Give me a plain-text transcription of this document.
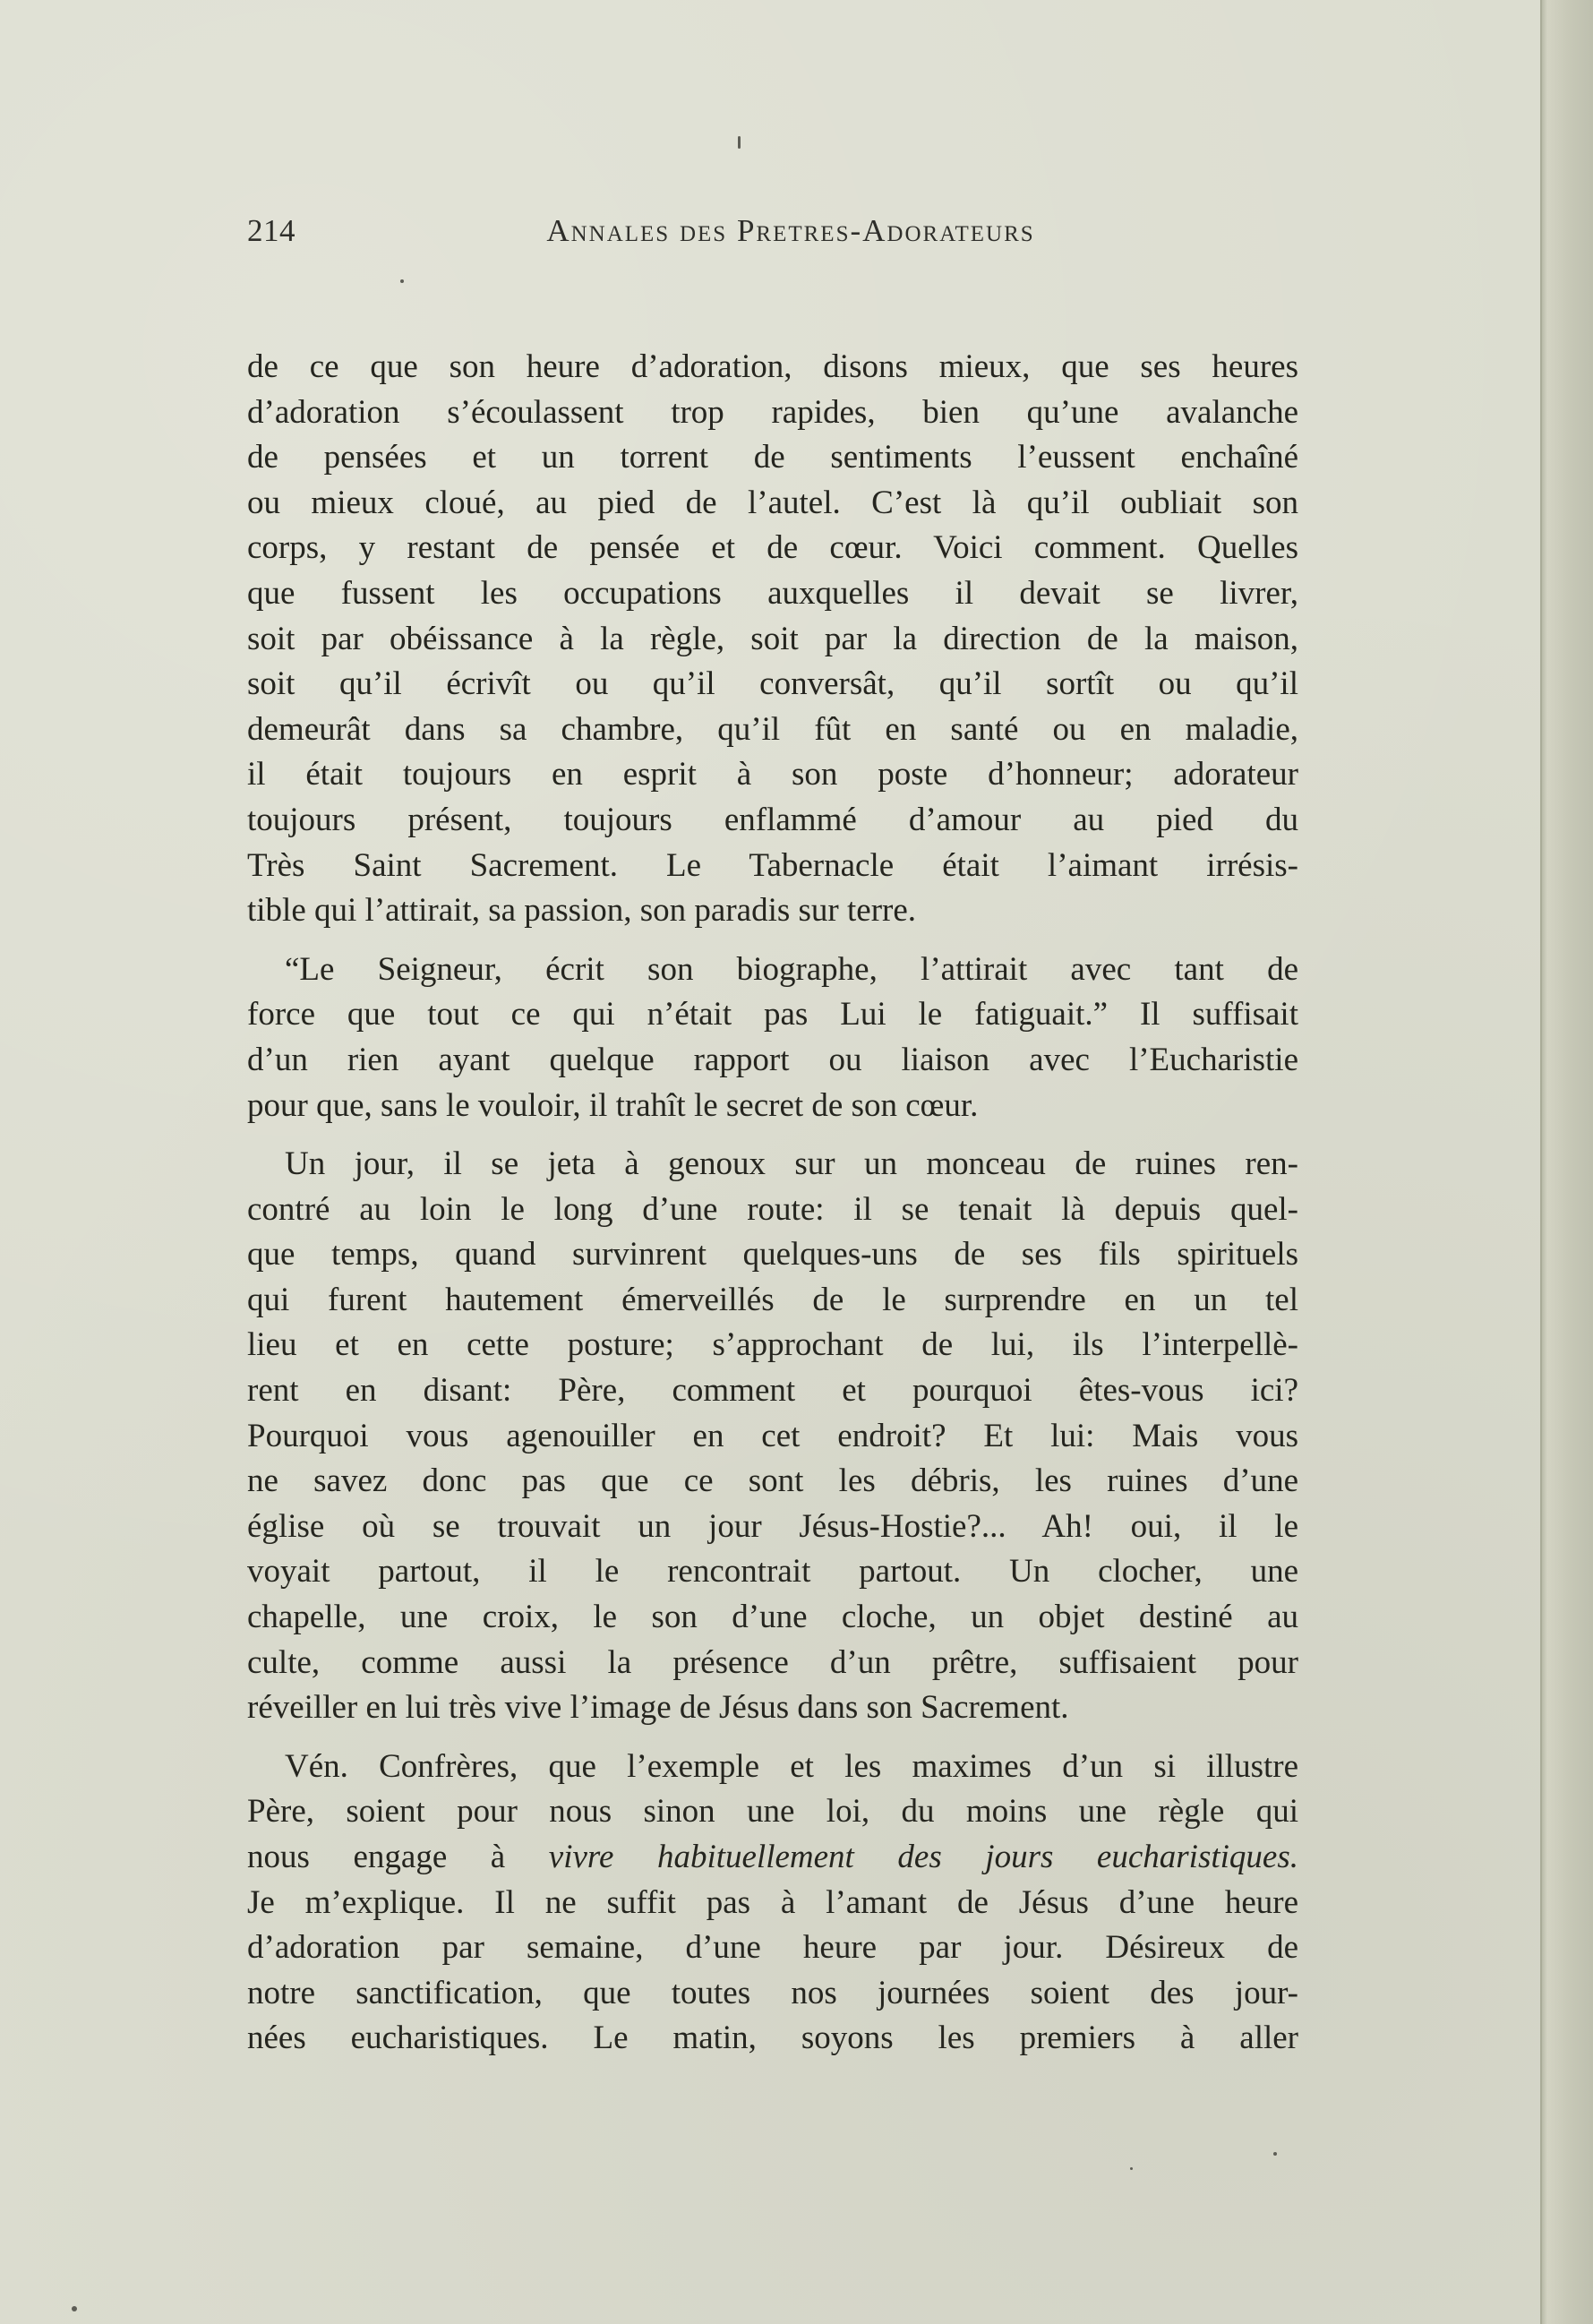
214	Annales des Pretres-Adorateurs
de ce que son heure d’adoration, disons mieux, que ses heures
d’adoration s’écoulassent trop rapides, bien qu’une avalanche
de pensées et un torrent de sentiments l’eussent enchaîné
ou mieux cloué, au pied de l’autel. C’est là qu’il oubliait son
corps, y restant de pensée et de cœur. Voici comment. Quelles
que fussent les occupations auxquelles il devait se livrer,
soit par obéissance à la règle, soit par la direction de la maison,
soit qu’il écrivît ou qu’il conversât, qu’il sortît ou qu’il
demeurât dans sa chambre, qu’il fût en santé ou en maladie,
il était toujours en esprit à son poste d’honneur; adorateur
toujours présent, toujours enflammé d’amour au pied du
Très Saint Sacrement. Le Tabernacle était l’aimant irrésis-
tible qui l’attirait, sa passion, son paradis sur terre.
“Le Seigneur, écrit son biographe, l’attirait avec tant de
force que tout ce qui n’était pas Lui le fatiguait.” Il suffisait
d’un rien ayant quelque rapport ou liaison avec l’Eucharistie
pour que, sans le vouloir, il trahît le secret de son cœur.
Un jour, il se jeta à genoux sur un monceau de ruines ren-
contré au loin le long d’une route: il se tenait là depuis quel-
que temps, quand survinrent quelques-uns de ses fils spirituels
qui furent hautement émerveillés de le surprendre en un tel
lieu et en cette posture; s’approchant de lui, ils l’interpellè-
rent en disant: Père, comment et pourquoi êtes-vous ici?
Pourquoi vous agenouiller en cet endroit? Et lui: Mais vous
ne savez donc pas que ce sont les débris, les ruines d’une
église où se trouvait un jour Jésus-Hostie?... Ah! oui, il le
voyait partout, il le rencontrait partout. Un clocher, une
chapelle, une croix, le son d’une cloche, un objet destiné au
culte, comme aussi la présence d’un prêtre, suffisaient pour
réveiller en lui très vive l’image de Jésus dans son Sacrement.
Vén. Confrères, que l’exemple et les maximes d’un si illustre
Père, soient pour nous sinon une loi, du moins une règle qui
nous engage à vivre habituellement des jours eucharistiques.
Je m’explique. Il ne suffit pas à l’amant de Jésus d’une heure
d’adoration par semaine, d’une heure par jour. Désireux de
notre sanctification, que toutes nos journées soient des jour-
nées eucharistiques. Le matin, soyons les premiers à aller
